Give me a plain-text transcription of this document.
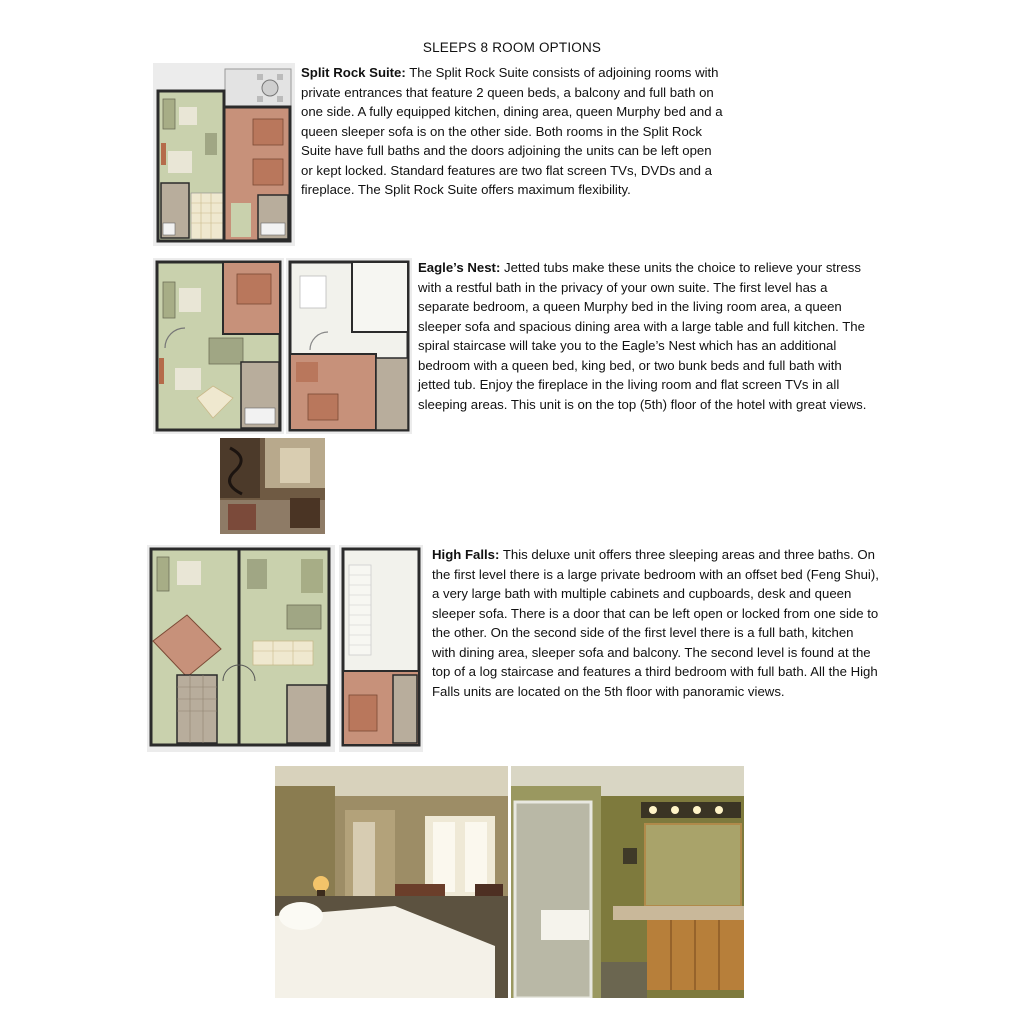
SLEEPS 8 ROOM OPTIONS
Split Rock Suite: The Split Rock Suite consists of adjoining rooms with private entrances that feature 2 queen beds, a balcony and full bath on one side. A fully equipped kitchen, dining area, queen Murphy bed and a queen sleeper sofa is on the other side. Both rooms in the Split Rock Suite have full baths and the doors adjoining the units can be left open or kept locked. Standard features are two flat screen TVs, DVDs and a fireplace. The Split Rock Suite offers maximum flexibility.
Eagle’s Nest: Jetted tubs make these units the choice to relieve your stress with a restful bath in the privacy of your own suite. The first level has a separate bedroom, a queen Murphy bed in the living room area, a queen sleeper sofa and spacious dining area with a large table and full kitchen. The spiral staircase will take you to the Eagle’s Nest which has an additional bedroom with a queen bed, king bed, or two bunk beds and full bath with jetted tub. Enjoy the fireplace in the living room and flat screen TVs in all sleeping areas. This unit is on the top (5th) floor of the hotel with great views.
High Falls: This deluxe unit offers three sleeping areas and three baths. On the first level there is a large private bedroom with an offset bed (Feng Shui), a very large bath with multiple cabinets and cupboards, desk and queen sleeper sofa. There is a door that can be left open or locked from one side to the other. On the second side of the first level there is a full bath, kitchen with dining area, sleeper sofa and balcony. The second level is found at the top of a log staircase and features a third bedroom with full bath. All the High Falls units are located on the 5th floor with panoramic views.
